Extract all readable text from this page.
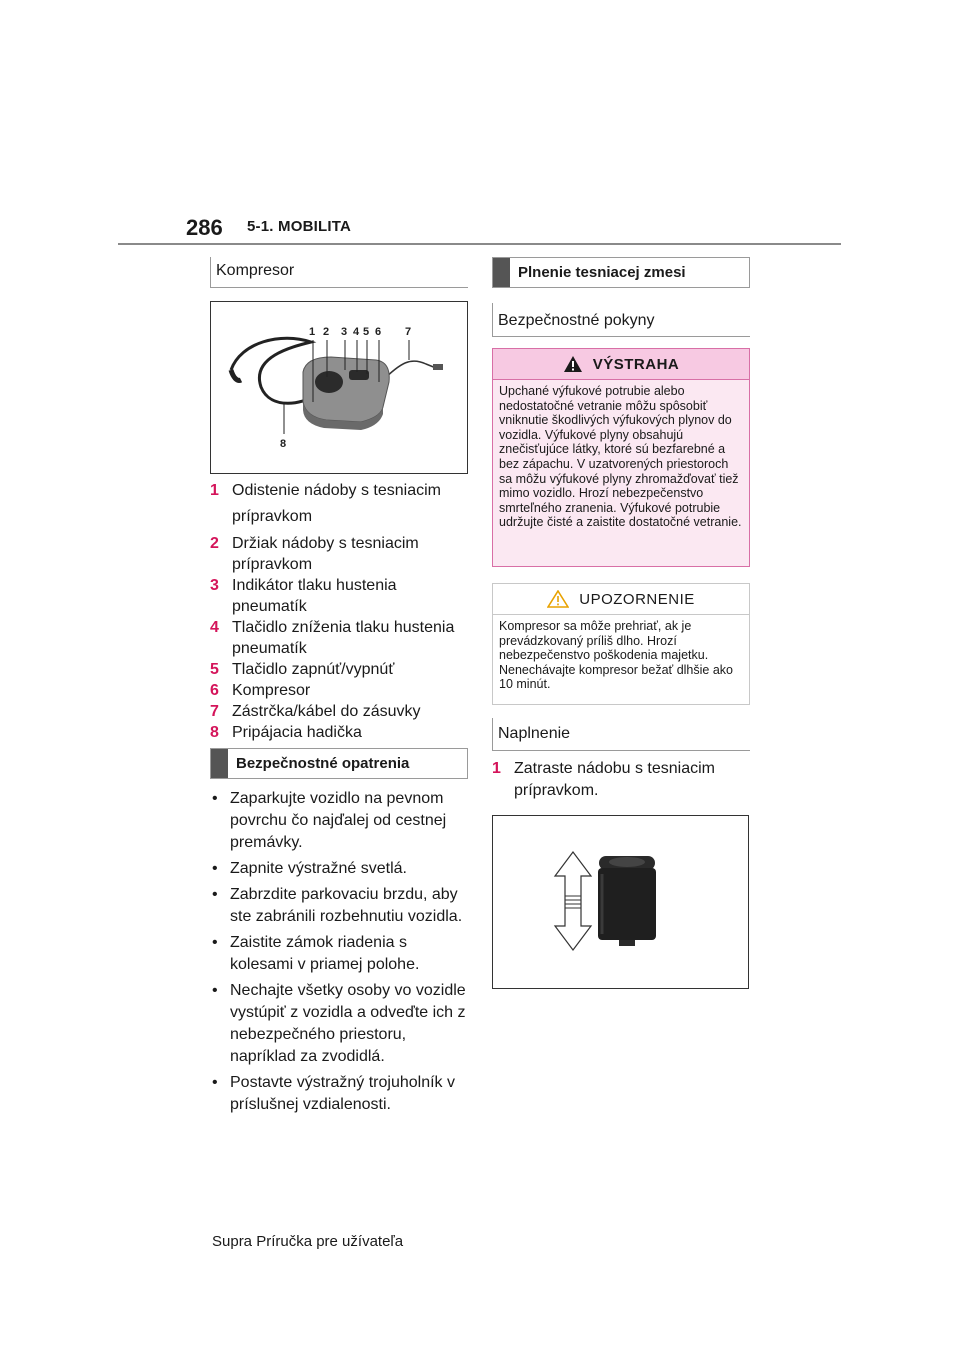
286 5-1. MOBILITA
Kompresor
1 2 3 4 5 6 7
8
1 Odistenie nádoby s tesniacim prípravkom
2 Držiak nádoby s tesniacim prípravkom
3 Indikátor tlaku hustenia pneumatík
4 Tlačidlo zníženia tlaku hustenia pneumatík
5 Tlačidlo zapnúť/vypnúť
6 Kompresor
7 Zástrčka/kábel do zásuvky
8 Pripájacia hadička
Bezpečnostné opatrenia
• Zaparkujte vozidlo na pevnom povrchu čo najďalej od cestnej premávky.
• Zapnite výstražné svetlá.
• Zabrzdite parkovaciu brzdu, aby ste zabránili rozbehnutiu vozidla.
• Zaistite zámok riadenia s kolesami v priamej polohe.
• Nechajte všetky osoby vo vozidle vystúpiť z vozidla a odveďte ich z nebezpečného priestoru, napríklad za zvodidlá.
• Postavte výstražný trojuholník v príslušnej vzdialenosti.
Plnenie tesniacej zmesi
Bezpečnostné pokyny
VÝSTRAHA
Upchané výfukové potrubie alebo nedostatočné vetranie môžu spôsobiť vniknutie škodlivých výfukových plynov do vozidla. Výfukové plyny obsahujú znečisťujúce látky, ktoré sú bezfarebné a bez zápachu. V uzatvorených priestoroch sa môžu výfukové plyny zhromažďovať tiež mimo vozidlo. Hrozí nebezpečenstvo smrteľného zranenia. Výfukové potrubie udržujte čisté a zaistite dostatočné vetranie.
UPOZORNENIE
Kompresor sa môže prehriať, ak je prevádzkovaný príliš dlho. Hrozí nebezpečenstvo poškodenia majetku. Nenechávajte kompresor bežať dlhšie ako 10 minút.
Naplnenie
1 Zatraste nádobu s tesniacim prípravkom.
Supra Príručka pre užívateľa
